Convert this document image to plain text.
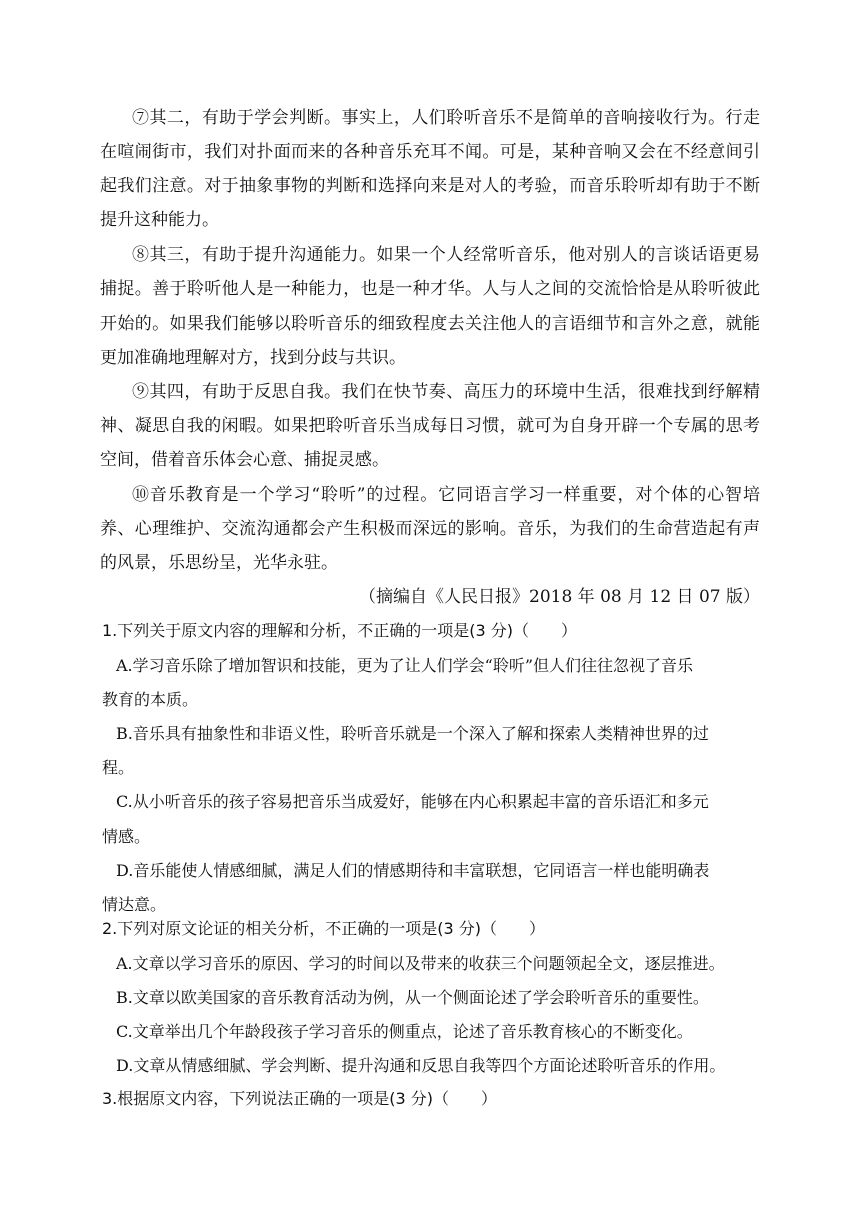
⑦其二，有助于学会判断。事实上，人们聆听音乐不是简单的音响接收行为。行走
在喧闹街市，我们对扑面而来的各种音乐充耳不闻。可是，某种音响又会在不经意间引
起我们注意。对于抽象事物的判断和选择向来是对人的考验，而音乐聆听却有助于不断
提升这种能力。
⑧其三，有助于提升沟通能力。如果一个人经常听音乐，他对别人的言谈话语更易
捕捉。善于聆听他人是一种能力，也是一种才华。人与人之间的交流恰恰是从聆听彼此
开始的。如果我们能够以聆听音乐的细致程度去关注他人的言语细节和言外之意，就能
更加准确地理解对方，找到分歧与共识。
⑨其四，有助于反思自我。我们在快节奏、高压力的环境中生活，很难找到纾解精
神、凝思自我的闲暇。如果把聆听音乐当成每日习惯，就可为自身开辟一个专属的思考
空间，借着音乐体会心意、捕捉灵感。
⑩音乐教育是一个学习“聆听”的过程。它同语言学习一样重要，对个体的心智培
养、心理维护、交流沟通都会产生积极而深远的影响。音乐，为我们的生命营造起有声
的风景，乐思纷呈，光华永驻。
（摘编自《人民日报》2018 年 08 月 12 日 07 版）
1.下列关于原文内容的理解和分析，不正确的一项是(3 分)（　　）
A.学习音乐除了增加智识和技能，更为了让人们学会“聆听”但人们往往忽视了音乐
教育的本质。
B.音乐具有抽象性和非语义性，聆听音乐就是一个深入了解和探索人类精神世界的过
程。
C.从小听音乐的孩子容易把音乐当成爱好，能够在内心积累起丰富的音乐语汇和多元
情感。
D.音乐能使人情感细腻，满足人们的情感期待和丰富联想，它同语言一样也能明确表
情达意。
2.下列对原文论证的相关分析，不正确的一项是(3 分)（　　）
A.文章以学习音乐的原因、学习的时间以及带来的收获三个问题领起全文，逐层推进。
B.文章以欧美国家的音乐教育活动为例，从一个侧面论述了学会聆听音乐的重要性。
C.文章举出几个年龄段孩子学习音乐的侧重点，论述了音乐教育核心的不断变化。
D.文章从情感细腻、学会判断、提升沟通和反思自我等四个方面论述聆听音乐的作用。
3.根据原文内容，下列说法正确的一项是(3 分)（　　）
